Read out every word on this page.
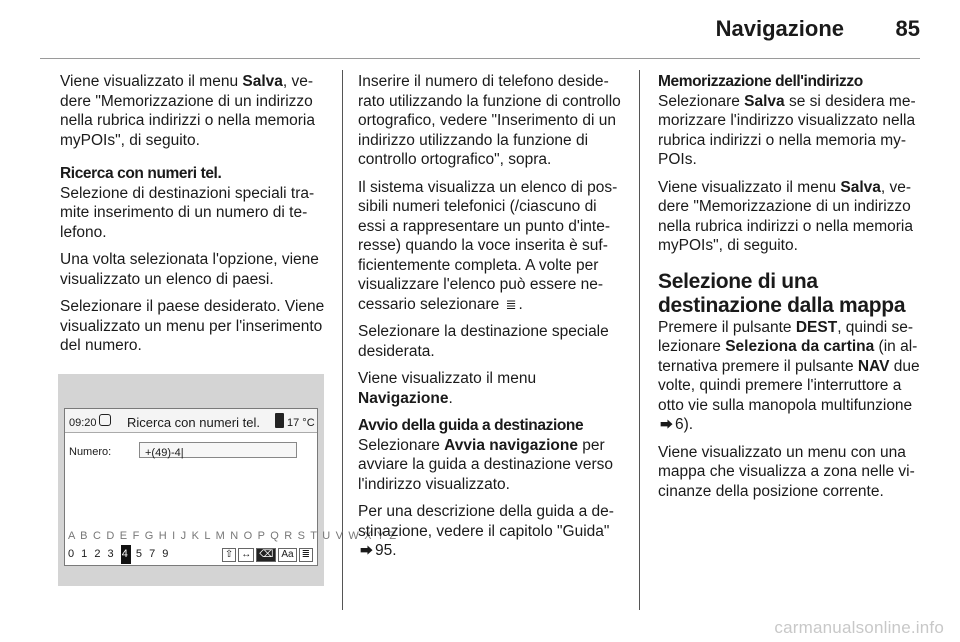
Navigazione 85

Viene visualizzato il menu Salva, vedere "Memorizzazione di un indirizzo nella rubrica indirizzi o nella memoria myPOIs", di seguito.

Ricerca con numeri tel.

Selezione di destinazioni speciali tramite inserimento di un numero di telefono.

Una volta selezionata l'opzione, viene visualizzato un elenco di paesi.

Selezionare il paese desiderato. Viene visualizzato un menu per l'inserimento del numero.

09:20 Ricerca con numeri tel. 17 °C
Numero:	+(49)-4|
A B C D E F G H I J K L M N O P Q R S T U V W X Y Z
0 1 2 3 4 5 7 9	⇧ ↔ ⌫ Aa ≣

Inserire il numero di telefono desiderato utilizzando la funzione di controllo ortografico, vedere "Inserimento di un indirizzo utilizzando la funzione di controllo ortografico", sopra.

Il sistema visualizza un elenco di possibili numeri telefonici (/ciascuno di essi a rappresentare un punto d'interesse) quando la voce inserita è sufficientemente completa. A volte per visualizzare l'elenco può essere necessario selezionare ≣ .

Selezionare la destinazione speciale desiderata.

Viene visualizzato il menu
Navigazione.

Avvio della guida a destinazione

Selezionare Avvia navigazione per avviare la guida a destinazione verso l'indirizzo visualizzato.

Per una descrizione della guida a destinazione, vedere il capitolo "Guida"
⮕ 95.

Memorizzazione dell'indirizzo

Selezionare Salva se si desidera memorizzare l'indirizzo visualizzato nella rubrica indirizzi o nella memoria myPOIs.

Viene visualizzato il menu Salva, vedere "Memorizzazione di un indirizzo nella rubrica indirizzi o nella memoria myPOIs", di seguito.

Selezione di una destinazione dalla mappa

Premere il pulsante DEST, quindi selezionare Seleziona da cartina (in alternativa premere il pulsante NAV due volte, quindi premere l'interruttore a otto vie sulla manopola multifunzione ⮕ 6).

Viene visualizzato un menu con una mappa che visualizza a zona nelle vicinanze della posizione corrente.

carmanualsonline.info
